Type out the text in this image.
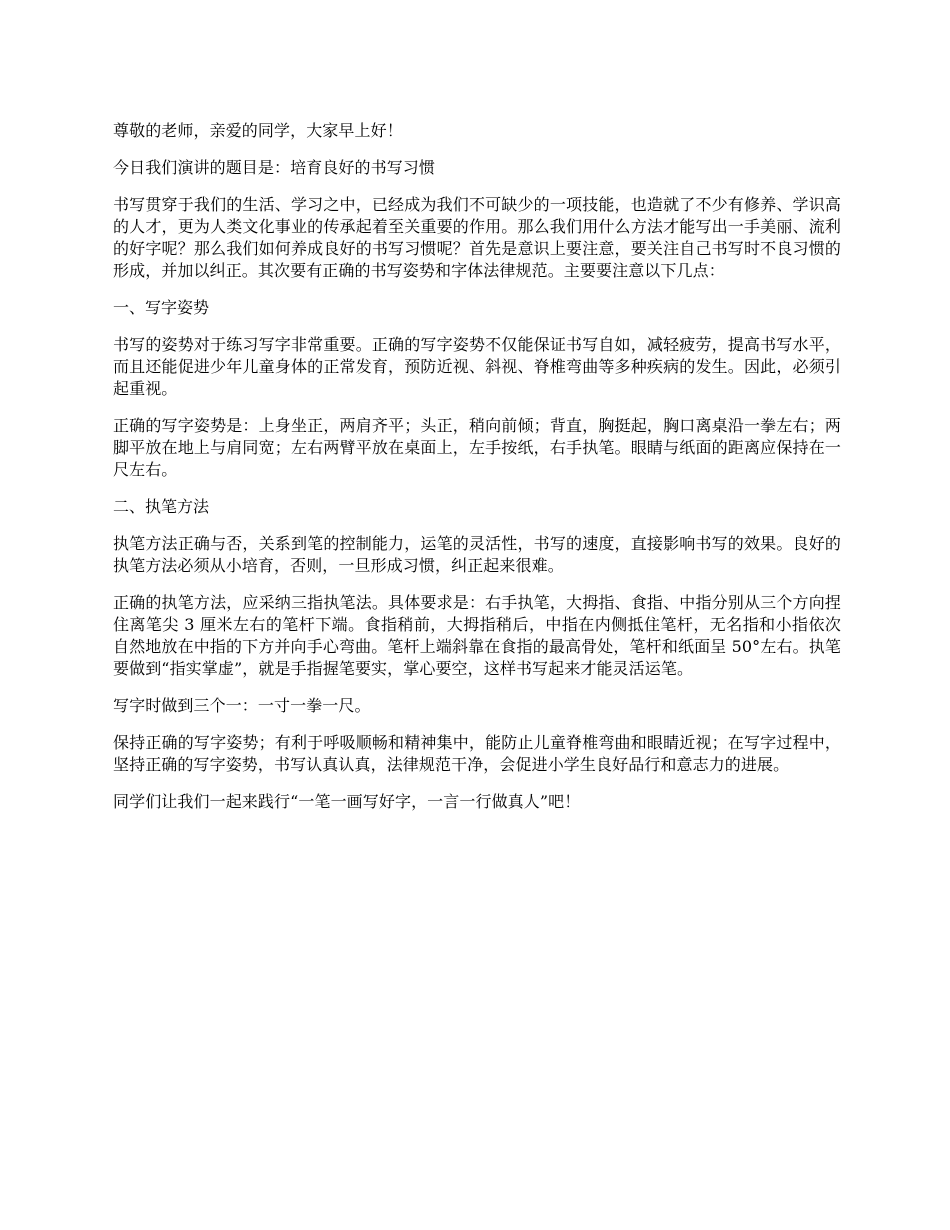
尊敬的老师，亲爱的同学，大家早上好！

今日我们演讲的题目是：培育良好的书写习惯

书写贯穿于我们的生活、学习之中，已经成为我们不可缺少的一项技能，也造就了不少有修养、学识高的人才，更为人类文化事业的传承起着至关重要的作用。那么我们用什么方法才能写出一手美丽、流利的好字呢？那么我们如何养成良好的书写习惯呢？首先是意识上要注意，要关注自己书写时不良习惯的形成，并加以纠正。其次要有正确的书写姿势和字体法律规范。主要要注意以下几点：

一、写字姿势

书写的姿势对于练习写字非常重要。正确的写字姿势不仅能保证书写自如，减轻疲劳，提高书写水平，而且还能促进少年儿童身体的正常发育，预防近视、斜视、脊椎弯曲等多种疾病的发生。因此，必须引起重视。

正确的写字姿势是：上身坐正，两肩齐平；头正，稍向前倾；背直，胸挺起，胸口离桌沿一拳左右；两脚平放在地上与肩同宽；左右两臂平放在桌面上，左手按纸，右手执笔。眼睛与纸面的距离应保持在一尺左右。

二、执笔方法

执笔方法正确与否，关系到笔的控制能力，运笔的灵活性，书写的速度，直接影响书写的效果。良好的执笔方法必须从小培育，否则，一旦形成习惯，纠正起来很难。

正确的执笔方法，应采纳三指执笔法。具体要求是：右手执笔，大拇指、食指、中指分别从三个方向捏住离笔尖 3 厘米左右的笔杆下端。食指稍前，大拇指稍后，中指在内侧抵住笔杆，无名指和小指依次自然地放在中指的下方并向手心弯曲。笔杆上端斜靠在食指的最高骨处，笔杆和纸面呈 50°左右。执笔要做到“指实掌虚”，就是手指握笔要实，掌心要空，这样书写起来才能灵活运笔。

写字时做到三个一：一寸一拳一尺。

保持正确的写字姿势；有利于呼吸顺畅和精神集中，能防止儿童脊椎弯曲和眼睛近视；在写字过程中，坚持正确的写字姿势，书写认真认真，法律规范干净，会促进小学生良好品行和意志力的进展。

同学们让我们一起来践行“一笔一画写好字，一言一行做真人”吧！
